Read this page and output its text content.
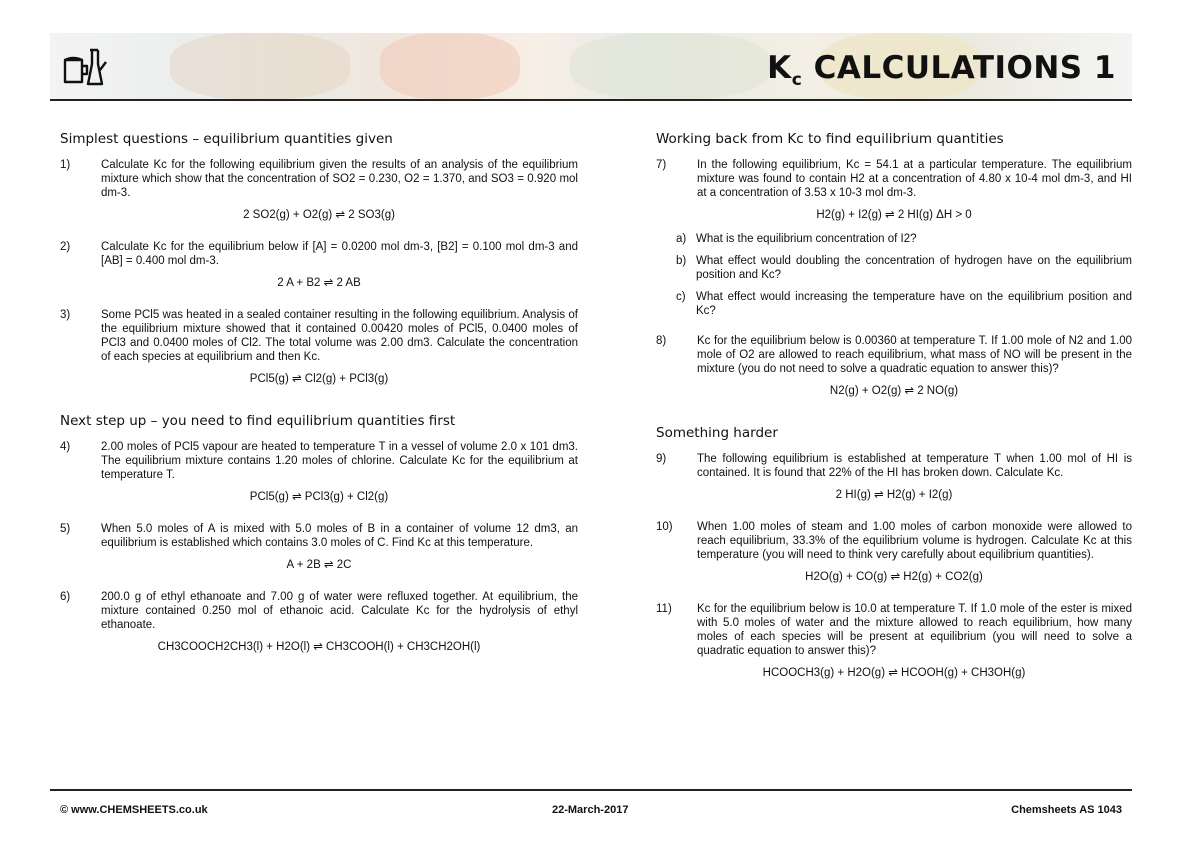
$K_c$ CALCULATIONS 1
Simplest questions – equilibrium quantities given
1)	Calculate Kc for the following equilibrium given the results of an analysis of the equilibrium mixture which show that the concentration of SO2 = 0.230, O2 = 1.370, and SO3 = 0.920 mol dm-3.
2 SO2(g) + O2(g) ⇌ 2 SO3(g)
2)	Calculate Kc for the equilibrium below if [A] = 0.0200 mol dm-3, [B2] = 0.100 mol dm-3 and [AB] = 0.400 mol dm-3.
2 A + B2 ⇌ 2 AB
3)	Some PCl5 was heated in a sealed container resulting in the following equilibrium. Analysis of the equilibrium mixture showed that it contained 0.00420 moles of PCl5, 0.0400 moles of PCl3 and 0.0400 moles of Cl2. The total volume was 2.00 dm3. Calculate the concentration of each species at equilibrium and then Kc.
PCl5(g) ⇌ Cl2(g) + PCl3(g)
Next step up – you need to find equilibrium quantities first
4)	2.00 moles of PCl5 vapour are heated to temperature T in a vessel of volume 2.0 x 101 dm3. The equilibrium mixture contains 1.20 moles of chlorine. Calculate Kc for the equilibrium at temperature T.
PCl5(g) ⇌ PCl3(g) + Cl2(g)
5)	When 5.0 moles of A is mixed with 5.0 moles of B in a container of volume 12 dm3, an equilibrium is established which contains 3.0 moles of C. Find Kc at this temperature.
A + 2B ⇌ 2C
6)	200.0 g of ethyl ethanoate and 7.00 g of water were refluxed together. At equilibrium, the mixture contained 0.250 mol of ethanoic acid. Calculate Kc for the hydrolysis of ethyl ethanoate.
CH3COOCH2CH3(l) + H2O(l) ⇌ CH3COOH(l) + CH3CH2OH(l)
Working back from Kc to find equilibrium quantities
7)	In the following equilibrium, Kc = 54.1 at a particular temperature. The equilibrium mixture was found to contain H2 at a concentration of 4.80 x 10-4 mol dm-3, and HI at a concentration of 3.53 x 10-3 mol dm-3.
H2(g) + I2(g) ⇌ 2 HI(g) ΔH > 0
a) What is the equilibrium concentration of I2?
b) What effect would doubling the concentration of hydrogen have on the equilibrium position and Kc?
c) What effect would increasing the temperature have on the equilibrium position and Kc?
8)	Kc for the equilibrium below is 0.00360 at temperature T. If 1.00 mole of N2 and 1.00 mole of O2 are allowed to reach equilibrium, what mass of NO will be present in the mixture (you do not need to solve a quadratic equation to answer this)?
N2(g) + O2(g) ⇌ 2 NO(g)
Something harder
9)	The following equilibrium is established at temperature T when 1.00 mol of HI is contained. It is found that 22% of the HI has broken down. Calculate Kc.
2 HI(g) ⇌ H2(g) + I2(g)
10)	When 1.00 moles of steam and 1.00 moles of carbon monoxide were allowed to reach equilibrium, 33.3% of the equilibrium volume is hydrogen. Calculate Kc at this temperature (you will need to think very carefully about equilibrium quantities).
H2O(g) + CO(g) ⇌ H2(g) + CO2(g)
11)	Kc for the equilibrium below is 10.0 at temperature T. If 1.0 mole of the ester is mixed with 5.0 moles of water and the mixture allowed to reach equilibrium, how many moles of each species will be present at equilibrium (you will need to solve a quadratic equation to answer this)?
HCOOCH3(g) + H2O(g) ⇌ HCOOH(g) + CH3OH(g)
© www.CHEMSHEETS.co.uk	22-March-2017	Chemsheets AS 1043
